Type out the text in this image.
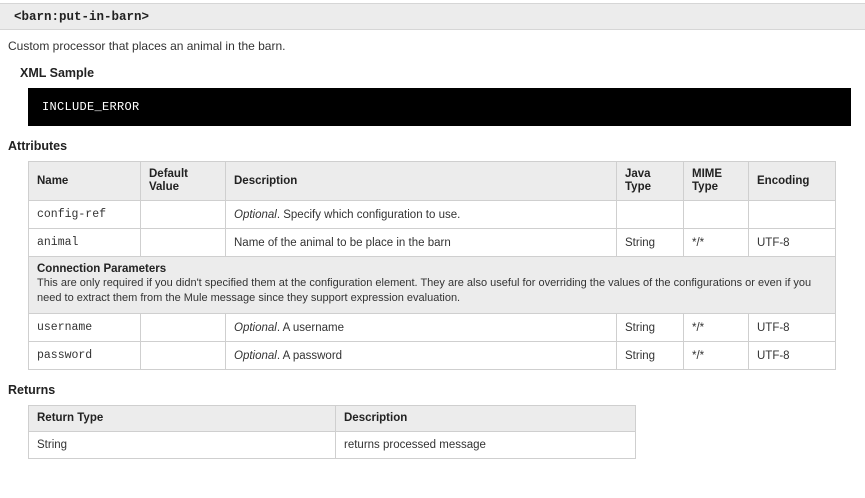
<barn:put-in-barn>
Custom processor that places an animal in the barn.
XML Sample
INCLUDE_ERROR
Attributes
Name	Default Value	Description	Java Type	MIME Type	Encoding
config-ref		Optional. Specify which configuration to use.			
animal		Name of the animal to be place in the barn	String	*/*	UTF-8

Connection Parameters
This are only required if you didn't specified them at the configuration element. They are also useful for overriding the values of the configurations or even if you need to extract them from the Mule message since they support expression evaluation.					

username		Optional. A username	String	*/*	UTF-8
password		Optional. A password	String	*/*	UTF-8
Returns
Return Type	Description
String	returns processed message
